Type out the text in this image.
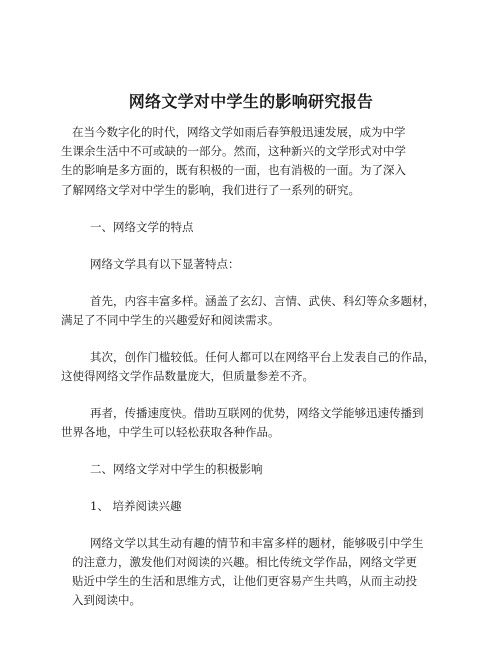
网络文学对中学生的影响研究报告
在当今数字化的时代，网络文学如雨后春笋般迅速发展，成为中学
生课余生活中不可或缺的一部分。然而，这种新兴的文学形式对中学
生的影响是多方面的，既有积极的一面，也有消极的一面。为了深入
了解网络文学对中学生的影响，我们进行了一系列的研究。
一、网络文学的特点
网络文学具有以下显著特点：
首先，内容丰富多样。涵盖了玄幻、言情、武侠、科幻等众多题材，
满足了不同中学生的兴趣爱好和阅读需求。
其次，创作门槛较低。任何人都可以在网络平台上发表自己的作品，
这使得网络文学作品数量庞大，但质量参差不齐。
再者，传播速度快。借助互联网的优势，网络文学能够迅速传播到
世界各地，中学生可以轻松获取各种作品。
二、网络文学对中学生的积极影响
1、 培养阅读兴趣
网络文学以其生动有趣的情节和丰富多样的题材，能够吸引中学生
的注意力，激发他们对阅读的兴趣。相比传统文学作品，网络文学更
贴近中学生的生活和思维方式，让他们更容易产生共鸣，从而主动投
入到阅读中。
